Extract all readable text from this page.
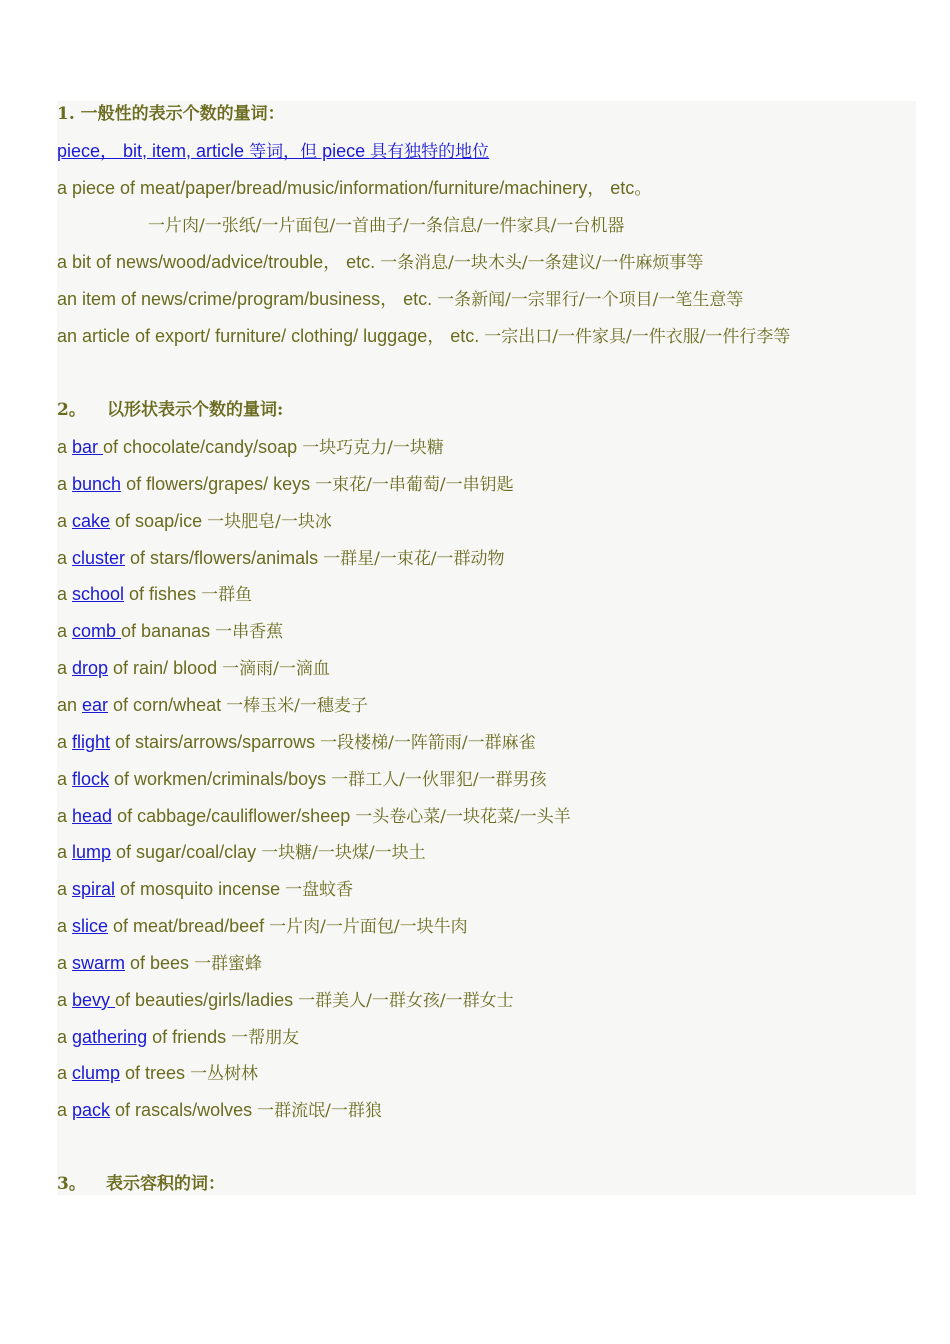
1. 一般性的表示个数的量词：
piece， bit, item, article 等词，但 piece 具有独特的地位
a piece of meat/paper/bread/music/information/furniture/machinery， etc。
一片肉/一张纸/一片面包/一首曲子/一条信息/一件家具/一台机器
a bit of news/wood/advice/trouble， etc. 一条消息/一块木头/一条建议/一件麻烦事等
an item of news/crime/program/business， etc. 一条新闻/一宗罪行/一个项目/一笔生意等
an article of export/ furniture/ clothing/ luggage， etc. 一宗出口/一件家具/一件衣服/一件行李等
2。 以形状表示个数的量词:
a bar of chocolate/candy/soap 一块巧克力/一块糖
a bunch of flowers/grapes/ keys 一束花/一串葡萄/一串钥匙
a cake of soap/ice 一块肥皂/一块冰
a cluster of stars/flowers/animals 一群星/一束花/一群动物
a school of fishes 一群鱼
a comb of bananas 一串香蕉
a drop of rain/ blood 一滴雨/一滴血
an ear of corn/wheat 一棒玉米/一穗麦子
a flight of stairs/arrows/sparrows 一段楼梯/一阵箭雨/一群麻雀
a flock of workmen/criminals/boys 一群工人/一伙罪犯/一群男孩
a head of cabbage/cauliflower/sheep 一头卷心菜/一块花菜/一头羊
a lump of sugar/coal/clay 一块糖/一块煤/一块土
a spiral of mosquito incense 一盘蚊香
a slice of meat/bread/beef 一片肉/一片面包/一块牛肉
a swarm of bees 一群蜜蜂
a bevy of beauties/girls/ladies 一群美人/一群女孩/一群女士
a gathering of friends 一帮朋友
a clump of trees 一丛树林
a pack of rascals/wolves 一群流氓/一群狼
3。 表示容积的词：
